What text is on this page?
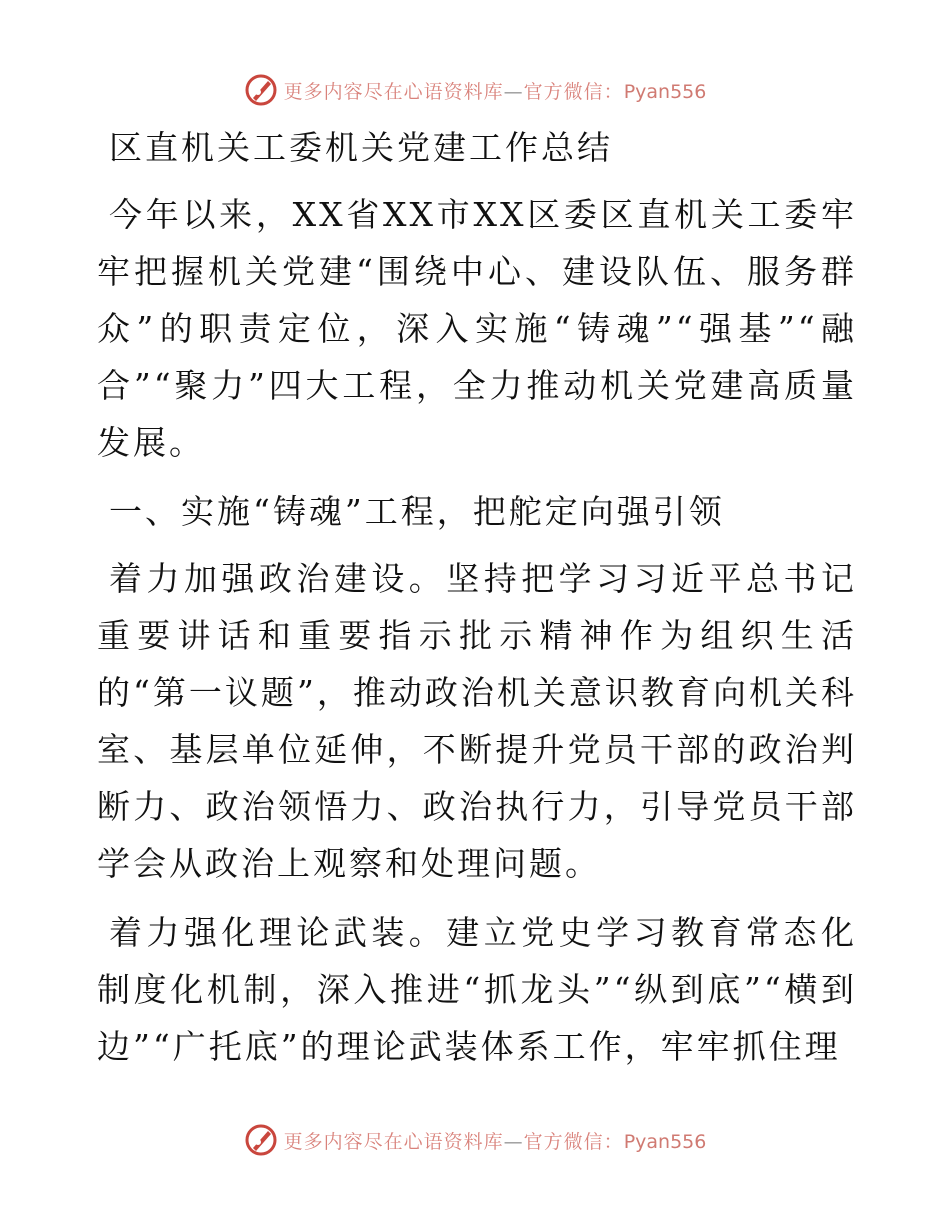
更多内容尽在心语资料库—官方微信：Pyan556

区直机关工委机关党建工作总结

今年以来，XX省XX市XX区委区直机关工委牢牢把握机关党建“围绕中心、建设队伍、服务群众”的职责定位，深入实施“铸魂”“强基”“融合”“聚力”四大工程，全力推动机关党建高质量发展。

一、实施“铸魂”工程，把舵定向强引领

着力加强政治建设。坚持把学习习近平总书记重要讲话和重要指示批示精神作为组织生活的“第一议题”，推动政治机关意识教育向机关科室、基层单位延伸，不断提升党员干部的政治判断力、政治领悟力、政治执行力，引导党员干部学会从政治上观察和处理问题。

着力强化理论武装。建立党史学习教育常态化制度化机制，深入推进“抓龙头”“纵到底”“横到边”“广托底”的理论武装体系工作，牢牢抓住理

更多内容尽在心语资料库—官方微信：Pyan556
